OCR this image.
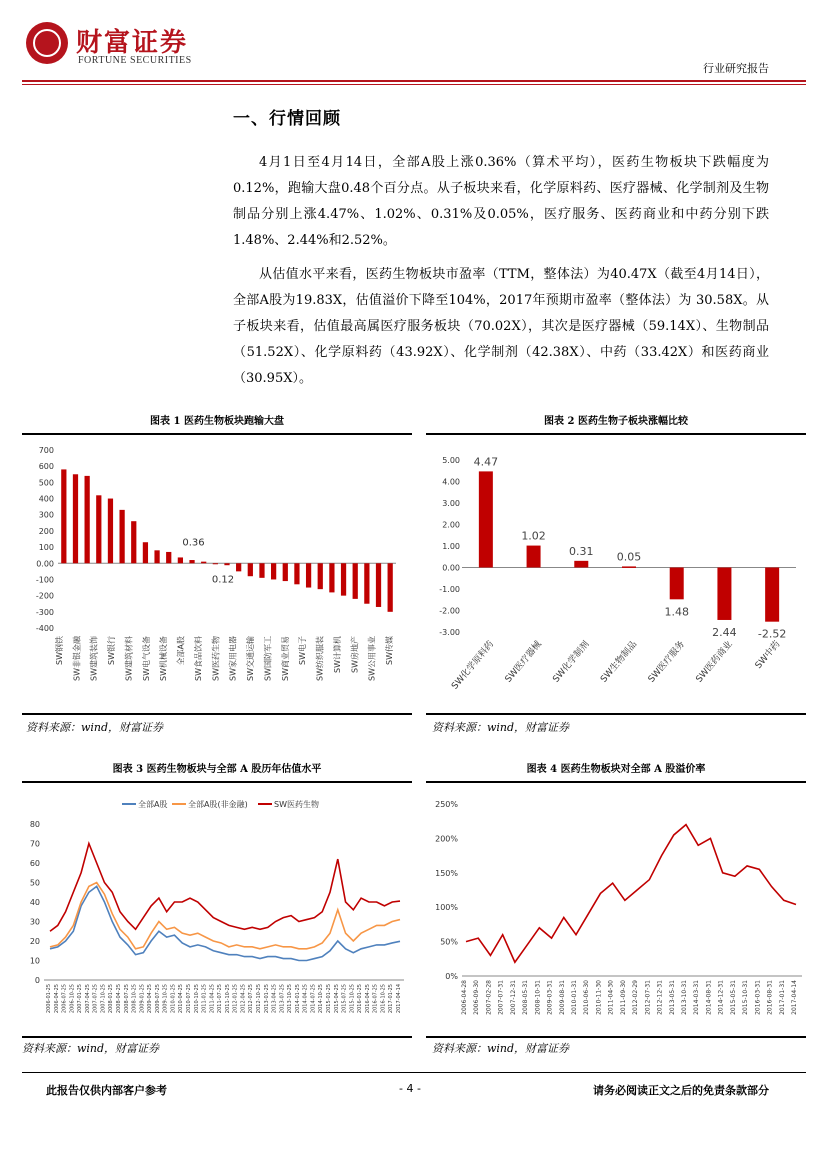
财富证券
FORTUNE SECURITIES
行业研究报告
一、行情回顾
4月1日至4月14日，全部A股上涨0.36%（算术平均），医药生物板块下跌幅度为0.12%，跑输大盘0.48个百分点。从子板块来看，化学原料药、医疗器械、化学制剂及生物制品分别上涨4.47%、1.02%、0.31%及0.05%，医疗服务、医药商业和中药分别下跌1.48%、2.44%和2.52%。
从估值水平来看，医药生物板块市盈率（TTM，整体法）为40.47X（截至4月14日），全部A股为19.83X，估值溢价下降至104%，2017年预期市盈率（整体法）为 30.58X。从子板块来看，估值最高属医疗服务板块（70.02X），其次是医疗器械（59.14X）、生物制品（51.52X）、化学原料药（43.92X）、化学制剂（42.38X）、中药（33.42X）和医药商业（30.95X）。
图表 1 医药生物板块跑输大盘	图表 2 医药生物子板块涨幅比较
700
600
500
400
300
200
100
0.00
-100
-200
-300
-400
0.36
0.12
SW钢铁 SW非银金融 SW建筑装饰 SW银行 SW建筑材料 SW电气设备 SW机械设备 全部A股 SW食品饮料 SW医药生物 SW家用电器 SW交通运输 SW国防军工 SW商业贸易 SW电子 SW纺织服装 SW计算机 SW房地产 SW公用事业 SW传媒
5.00
4.00
3.00
2.00
1.00
0.00
-1.00
-2.00
-3.00
4.47
SW化学原料药
1.02
SW医疗器械
0.31
SW化学制剂
0.05
SW生物制品
1.48
SW医疗服务
2.44
SW医药商业
-2.52
SW中药
资料来源：wind，财富证券	资料来源：wind，财富证券
图表 3 医药生物板块与全部 A 股历年估值水平	图表 4 医药生物板块对全部 A 股溢价率
80
70
60
50
40
30
20
10
0
全部A股	全部A股(非金融)	SW医药生物
2006-01-25 2006-04-25 2006-07-25 2006-10-25 2007-01-25 2007-04-25 2007-07-25 2007-10-25 2008-01-25 2008-04-25 2008-07-25 2008-10-25 2009-01-25 2009-04-25 2009-07-25 2009-10-25 2010-01-25 2010-04-25 2010-07-25 2010-10-25 2011-01-25 2011-04-25 2011-07-25 2011-10-25 2012-01-25 2012-04-25 2012-07-25 2012-10-25 2013-01-25 2013-04-25 2013-07-25 2013-10-25 2014-01-25 2014-04-25 2014-07-25 2014-10-25 2015-01-25 2015-04-25 2015-07-25 2015-10-25 2016-01-25 2016-04-25 2016-07-25 2016-10-25 2017-01-25 2017-04-14
250%
200%
150%
100%
50%
0%
2006-04-28 2006-09-30 2007-02-28 2007-07-31 2007-12-31 2008-05-31 2008-10-31 2009-03-31 2009-08-31 2010-01-31 2010-06-30 2010-11-30 2011-04-30 2011-09-30 2012-02-29 2012-07-31 2012-12-31 2013-05-31 2013-10-31 2014-03-31 2014-08-31 2014-12-31 2015-05-31 2015-10-31 2016-03-31 2016-08-31 2017-01-31 2017-04-14
资料来源：wind，财富证券	资料来源：wind，财富证券
此报告仅供内部客户参考	- 4 -	请务必阅读正文之后的免责条款部分
